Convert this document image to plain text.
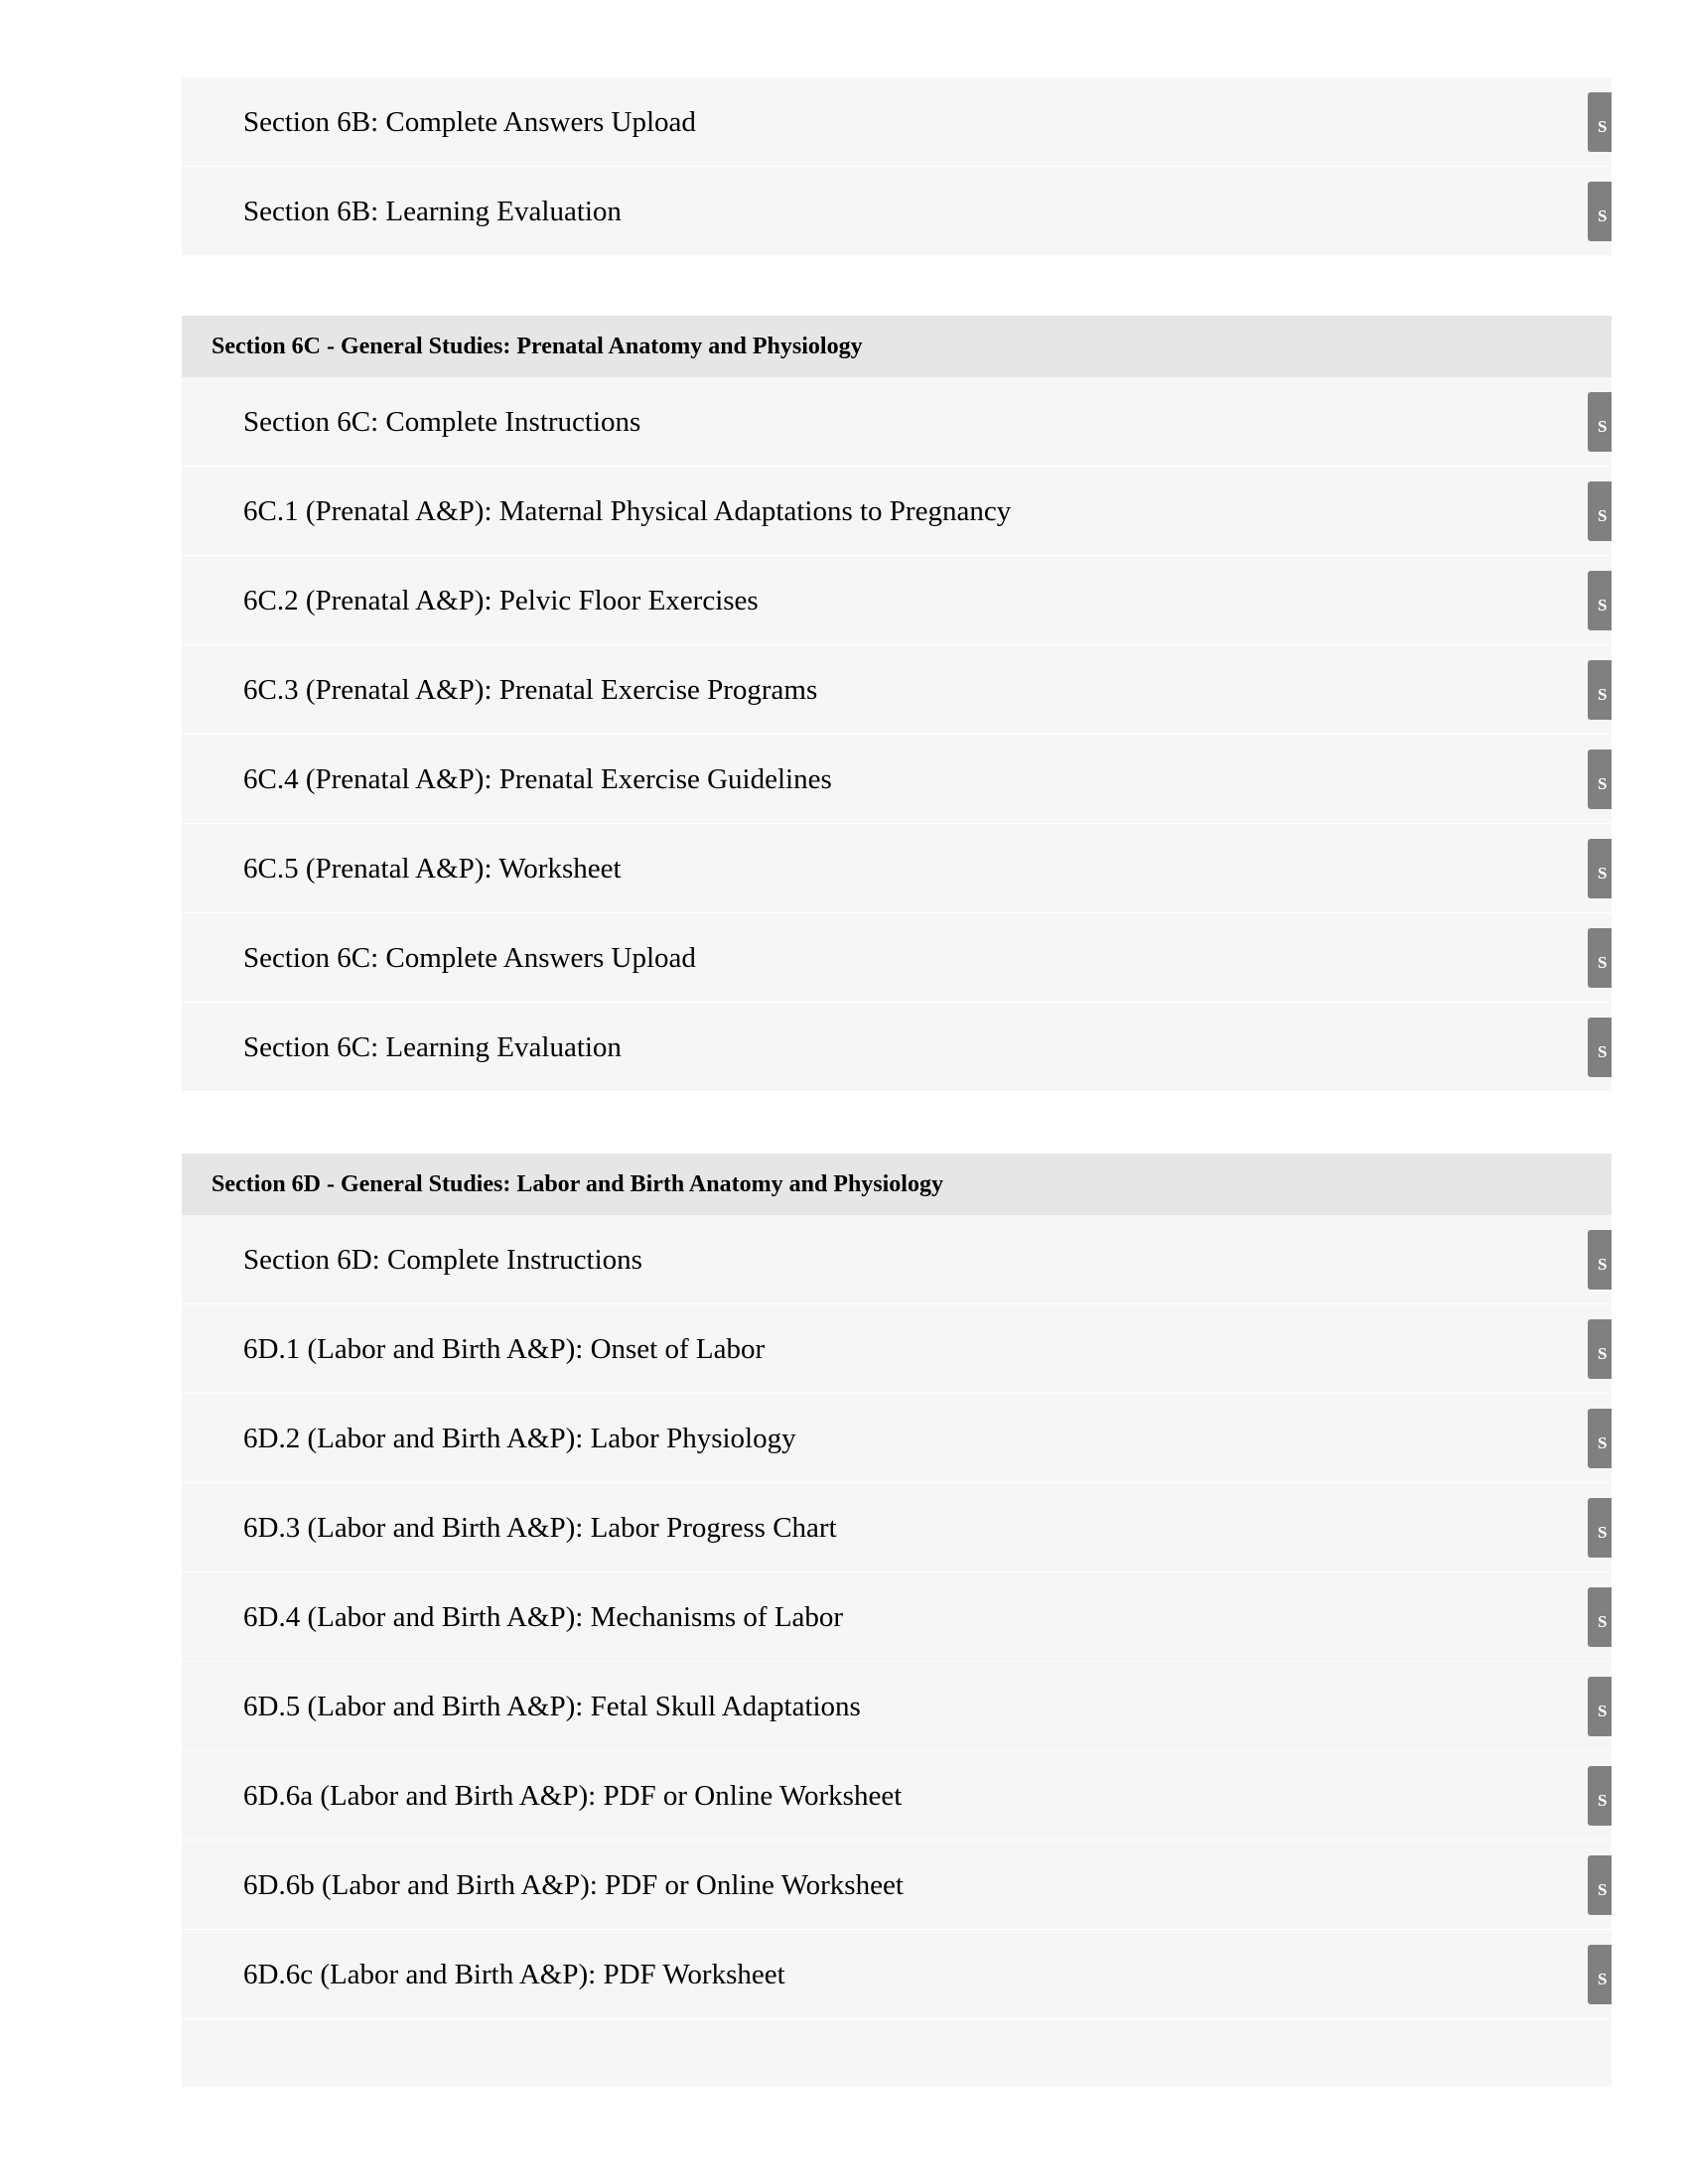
Section 6B: Complete Answers Upload	S
Section 6B: Learning Evaluation	S
Section 6C - General Studies: Prenatal Anatomy and Physiology
Section 6C: Complete Instructions	S
6C.1 (Prenatal A&P): Maternal Physical Adaptations to Pregnancy	S
6C.2 (Prenatal A&P): Pelvic Floor Exercises	S
6C.3 (Prenatal A&P): Prenatal Exercise Programs	S
6C.4 (Prenatal A&P): Prenatal Exercise Guidelines	S
6C.5 (Prenatal A&P): Worksheet	S
Section 6C: Complete Answers Upload	S
Section 6C: Learning Evaluation	S
Section 6D - General Studies: Labor and Birth Anatomy and Physiology
Section 6D: Complete Instructions	S
6D.1 (Labor and Birth A&P): Onset of Labor	S
6D.2 (Labor and Birth A&P): Labor Physiology	S
6D.3 (Labor and Birth A&P): Labor Progress Chart	S
6D.4 (Labor and Birth A&P): Mechanisms of Labor	S
6D.5 (Labor and Birth A&P): Fetal Skull Adaptations	S
6D.6a (Labor and Birth A&P): PDF or Online Worksheet	S
6D.6b (Labor and Birth A&P): PDF or Online Worksheet	S
6D.6c (Labor and Birth A&P): PDF Worksheet	S
